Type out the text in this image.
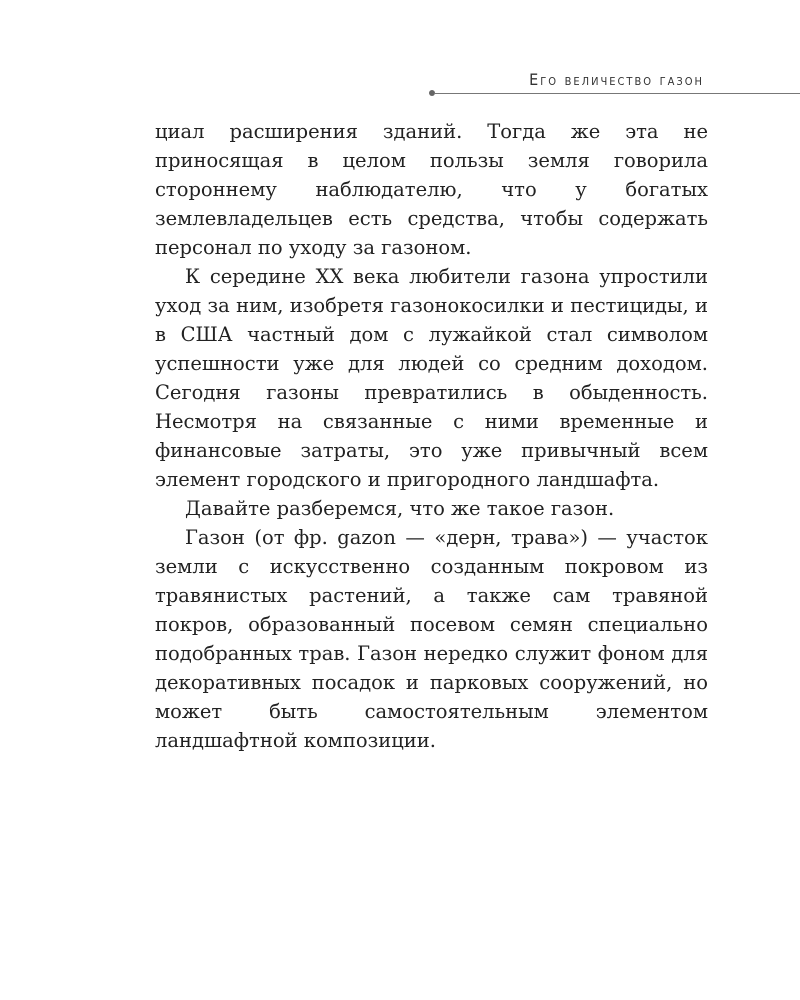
Его величество газон

циал расширения зданий. Тогда же эта не приносящая в целом пользы земля говорила стороннему наблюдателю, что у богатых землевладельцев есть средства, чтобы содержать персонал по уходу за газоном.

К середине XX века любители газона упростили уход за ним, изобретя газонокосилки и пестициды, и в США частный дом с лужайкой стал символом успешности уже для людей со средним доходом. Сегодня газоны превратились в обыденность. Несмотря на связанные с ними временные и финансовые затраты, это уже привычный всем элемент городского и пригородного ландшафта.

Давайте разберемся, что же такое газон.

Газон (от фр. gazon — «дерн, трава») — участок земли с искусственно созданным покровом из травянистых растений, а также сам травяной покров, образованный посевом семян специально подобранных трав. Газон нередко служит фоном для декоративных посадок и парковых сооружений, но может быть самостоятельным элементом ландшафтной композиции.
